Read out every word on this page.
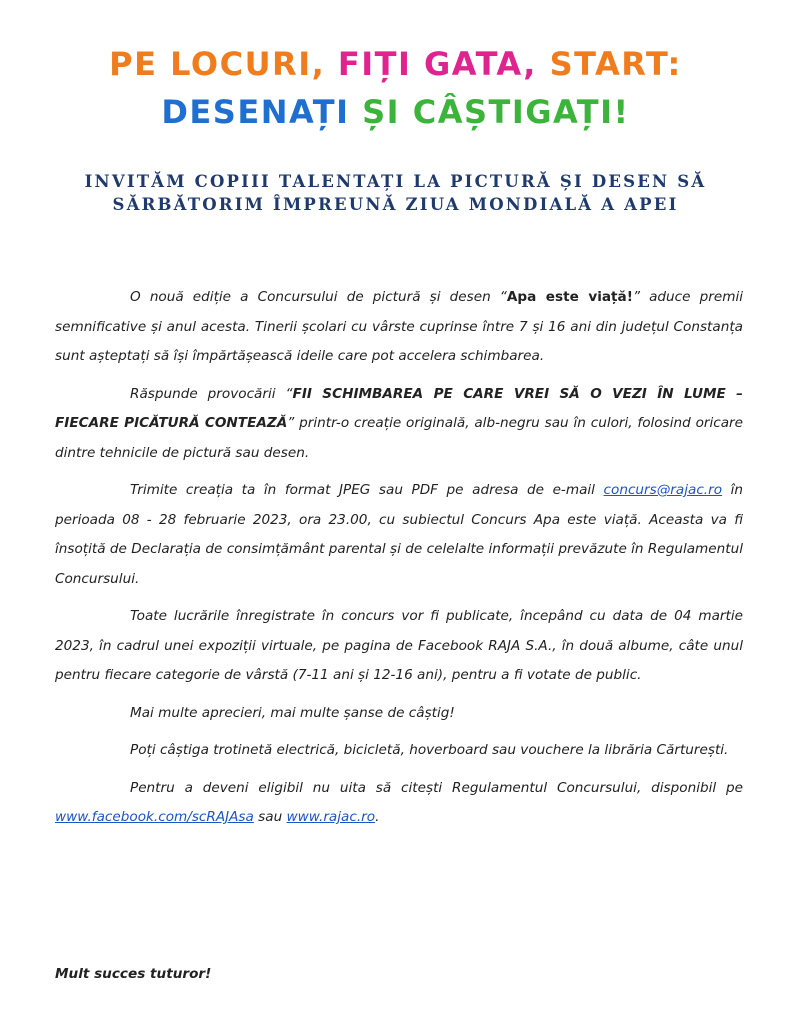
PE LOCURI, FIȚI GATA, START:
DESENAȚI ȘI CÂȘTIGAȚI!
INVITĂM COPIII TALENTAȚI LA PICTURĂ ȘI DESEN SĂ
SĂRBĂTORIM ÎMPREUNĂ ZIUA MONDIALĂ A APEI

O nouă ediție a Concursului de pictură și desen “Apa este viață!” aduce premii semnificative și anul acesta. Tinerii școlari cu vârste cuprinse între 7 și 16 ani din județul Constanța sunt așteptați să își împărtășească ideile care pot accelera schimbarea.

Răspunde provocării “FII SCHIMBAREA PE CARE VREI SĂ O VEZI ÎN LUME – FIECARE PICĂTURĂ CONTEAZĂ” printr-o creație originală, alb-negru sau în culori, folosind oricare dintre tehnicile de pictură sau desen.

Trimite creația ta în format JPEG sau PDF pe adresa de e-mail concurs@rajac.ro în perioada 08 - 28 februarie 2023, ora 23.00, cu subiectul Concurs Apa este viață. Aceasta va fi însoțită de Declarația de consimțământ parental și de celelalte informații prevăzute în Regulamentul Concursului.

Toate lucrările înregistrate în concurs vor fi publicate, începând cu data de 04 martie 2023, în cadrul unei expoziții virtuale, pe pagina de Facebook RAJA S.A., în două albume, câte unul pentru fiecare categorie de vârstă (7-11 ani și 12-16 ani), pentru a fi votate de public.

Mai multe aprecieri, mai multe șanse de câștig!

Poți câștiga trotinetă electrică, bicicletă, hoverboard sau vouchere la librăria Cărturești.

Pentru a deveni eligibil nu uita să citești Regulamentul Concursului, disponibil pe www.facebook.com/scRAJAsa sau www.rajac.ro.

Mult succes tuturor!
